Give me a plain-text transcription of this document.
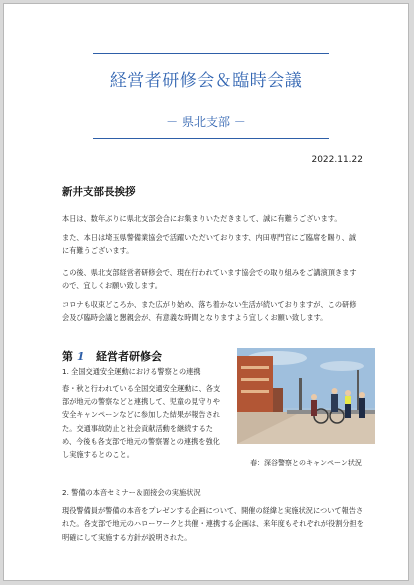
経営者研修会＆臨時会議
－ 県北支部 －
2022.11.22
新井支部長挨拶
本日は、数年ぶりに県北支部会合にお集まりいただきまして、誠に有難うございます。
また、本日は埼玉県警備業協会で活躍いただいております、内田専門官にご臨席を賜り、誠に有難うございます。
この後、県北支部経営者研修会で、現在行われています協会での取り組みをご講演頂きますので、宜しくお願い致します。
コロナも収束どころか、また広がり始め、落ち着かない生活が続いておりますが、この研修会及び臨時会議と懇親会が、有意義な時間となりますよう宜しくお願い致します。
第 1 経営者研修会
1. 全国交通安全運動における警察との連携
春・秋と行われている全国交通安全運動に、各支部が地元の警察などと連携して、児童の見守りや安全キャンペーンなどに参加した結果が報告された。交通事故防止と社会貢献活動を継続するため、今後も各支部で地元の警察署との連携を強化し実施するとのこと。
春：深谷警察とのキャンペーン状況
2. 警備の本音セミナー＆面接会の実施状況
現役警備員が警備の本音をプレゼンする企画について、開催の経緯と実施状況について報告された。各支部で地元のハローワークと共催・連携する企画は、来年度もそれぞれが役割分担を明確にして実施する方針が説明された。
